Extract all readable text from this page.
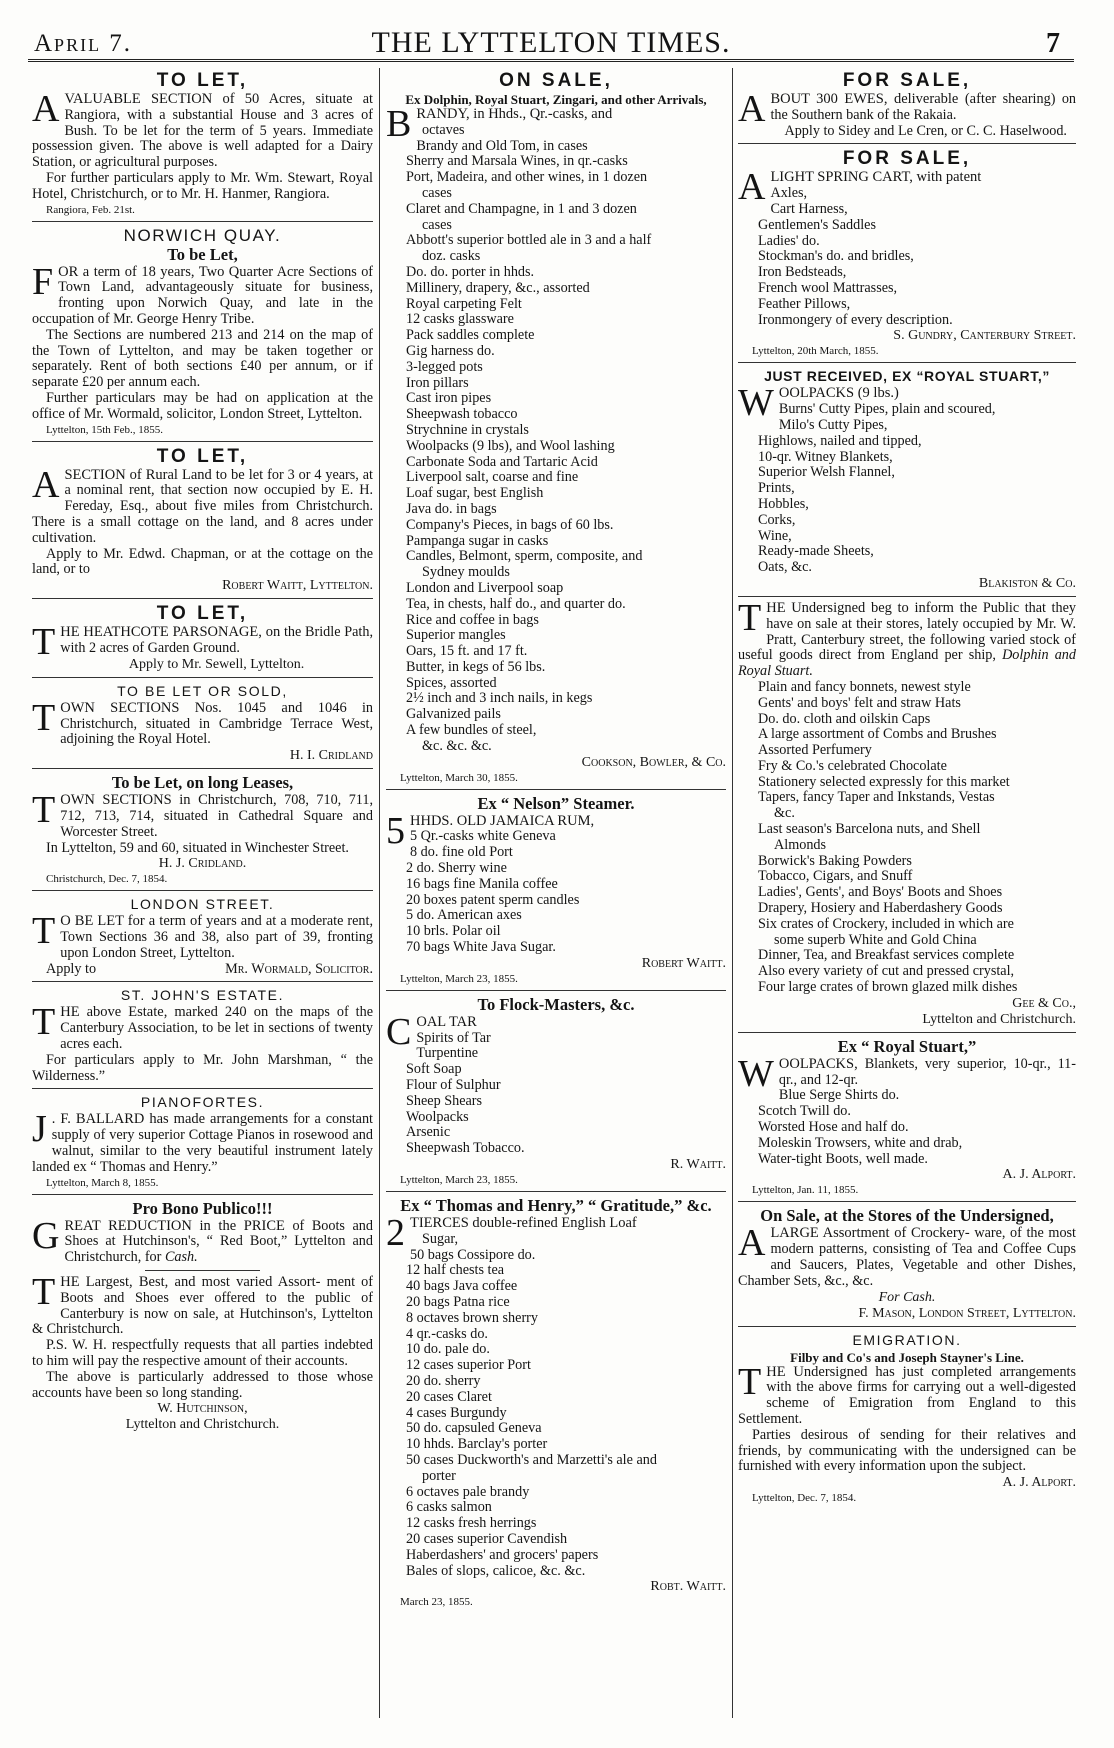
April 7.	THE LYTTELTON TIMES.	7
TO LET,
AVALUABLE SECTION of 50 Acres, situate at Rangiora, with a substantial House and 3 acres of Bush. To be let for the term of 5 years. Immediate possession given. The above is well adapted for a Dairy Station, or agricultural purposes.
For further particulars apply to Mr. Wm. Stewart, Royal Hotel, Christchurch, or to Mr. H. Hanmer, Rangiora.
Rangiora, Feb. 21st.
NORWICH QUAY.
To be Let,
FOR a term of 18 years, Two Quarter Acre Sections of Town Land, advantageously situate for business, fronting upon Norwich Quay, and late in the occupation of Mr. George Henry Tribe.
The Sections are numbered 213 and 214 on the map of the Town of Lyttelton, and may be taken together or separately. Rent of both sections £40 per annum, or if separate £20 per annum each.
Further particulars may be had on application at the office of Mr. Wormald, solicitor, London Street, Lyttelton.
Lyttelton, 15th Feb., 1855.
TO LET,
ASECTION of Rural Land to be let for 3 or 4 years, at a nominal rent, that section now occupied by E. H. Fereday, Esq., about five miles from Christchurch. There is a small cottage on the land, and 8 acres under cultivation.
Apply to Mr. Edwd. Chapman, or at the cottage on the land, or to
Robert Waitt, Lyttelton.
TO LET,
THE HEATHCOTE PARSONAGE, on the Bridle Path, with 2 acres of Garden Ground.
Apply to Mr. Sewell, Lyttelton.
TO BE LET OR SOLD,
TOWN SECTIONS Nos. 1045 and 1046 in Christchurch, situated in Cambridge Terrace West, adjoining the Royal Hotel.
H. I. Cridland
To be Let, on long Leases,
TOWN SECTIONS in Christchurch, 708, 710, 711, 712, 713, 714, situated in Cathedral Square and Worcester Street.
In Lyttelton, 59 and 60, situated in Winchester Street.
H. J. Cridland.
Christchurch, Dec. 7, 1854.
LONDON STREET.
T O BE LET for a term of years and at a moderate rent, Town Sections 36 and 38, also part of 39, fronting upon London Street, Lyttelton.
Apply to	Mr. Wormald, Solicitor.
ST. JOHN'S ESTATE.
THE above Estate, marked 240 on the maps of the Canterbury Association, to be let in sections of twenty acres each.
For particulars apply to Mr. John Marshman, “ the Wilderness.”
PIANOFORTES.
J . F. BALLARD has made arrangements for a constant supply of very superior Cottage Pianos in rosewood and walnut, similar to the very beautiful instrument lately landed ex “ Thomas and Henry.”
Lyttelton, March 8, 1855.
Pro Bono Publico!!!
GREAT REDUCTION in the PRICE of Boots and Shoes at Hutchinson's, “ Red Boot,” Lyttelton and Christchurch, for Cash.
THE Largest, Best, and most varied Assort- ment of Boots and Shoes ever offered to the public of Canterbury is now on sale, at Hutchinson's, Lyttelton & Christchurch.
P.S. W. H. respectfully requests that all parties indebted to him will pay the respective amount of their accounts.
The above is particularly addressed to those whose accounts have been so long standing.
W. Hutchinson,
Lyttelton and Christchurch.
ON SALE,
Ex Dolphin, Royal Stuart, Zingari, and other Arrivals,
BRANDY, in Hhds., Qr.-casks, and
octaves
Brandy and Old Tom, in cases
Sherry and Marsala Wines, in qr.-casks
Port, Madeira, and other wines, in 1 dozen
cases
Claret and Champagne, in 1 and 3 dozen
cases
Abbott's superior bottled ale in 3 and a half
doz. casks
Do. do. porter in hhds.
Millinery, drapery, &c., assorted
Royal carpeting Felt
12 casks glassware
Pack saddles complete
Gig harness do.
3-legged pots
Iron pillars
Cast iron pipes
Sheepwash tobacco
Strychnine in crystals
Woolpacks (9 lbs), and Wool lashing
Carbonate Soda and Tartaric Acid
Liverpool salt, coarse and fine
Loaf sugar, best English
Java do. in bags
Company's Pieces, in bags of 60 lbs.
Pampanga sugar in casks
Candles, Belmont, sperm, composite, and
Sydney moulds
London and Liverpool soap
Tea, in chests, half do., and quarter do.
Rice and coffee in bags
Superior mangles
Oars, 15 ft. and 17 ft.
Butter, in kegs of 56 lbs.
Spices, assorted
2½ inch and 3 inch nails, in kegs
Galvanized pails
A few bundles of steel,
&c. &c. &c.
Cookson, Bowler, & Co.
Lyttelton, March 30, 1855.
Ex “ Nelson” Steamer.
5 HHDS. OLD JAMAICA RUM,
5 Qr.-casks white Geneva
8 do. fine old Port
2 do. Sherry wine
16 bags fine Manila coffee
20 boxes patent sperm candles
5 do. American axes
10 brls. Polar oil
70 bags White Java Sugar.
Robert Waitt.
Lyttelton, March 23, 1855.
To Flock-Masters, &c.
COAL TAR
Spirits of Tar
Turpentine
Soft Soap
Flour of Sulphur
Sheep Shears
Woolpacks
Arsenic
Sheepwash Tobacco.
R. Waitt.
Lyttelton, March 23, 1855.
Ex “ Thomas and Henry,” “ Gratitude,” &c.
2 TIERCES double-refined English Loaf
Sugar,
50 bags Cossipore do.
12 half chests tea
40 bags Java coffee
20 bags Patna rice
8 octaves brown sherry
4 qr.-casks do.
10 do. pale do.
12 cases superior Port
20 do. sherry
20 cases Claret
4 cases Burgundy
50 do. capsuled Geneva
10 hhds. Barclay's porter
50 cases Duckworth's and Marzetti's ale and
porter
6 octaves pale brandy
6 casks salmon
12 casks fresh herrings
20 cases superior Cavendish
Haberdashers' and grocers' papers
Bales of slops, calicoe, &c. &c.
Robt. Waitt.
March 23, 1855.
FOR SALE,
ABOUT 300 EWES, deliverable (after shearing) on the Southern bank of the Rakaia.
Apply to Sidey and Le Cren, or C. C. Haselwood.
FOR SALE,
ALIGHT SPRING CART, with patent
Axles,
Cart Harness,
Gentlemen's Saddles
Ladies' do.
Stockman's do. and bridles,
Iron Bedsteads,
French wool Mattrasses,
Feather Pillows,
Ironmongery of every description.
S. Gundry, Canterbury Street.
Lyttelton, 20th March, 1855.
JUST RECEIVED, EX “ROYAL STUART,”
WOOLPACKS (9 lbs.)
Burns' Cutty Pipes, plain and scoured,
Milo's Cutty Pipes,
Highlows, nailed and tipped,
10-qr. Witney Blankets,
Superior Welsh Flannel,
Prints,
Hobbles,
Corks,
Wine,
Ready-made Sheets,
Oats, &c.
Blakiston & Co.
THE Undersigned beg to inform the Public that they have on sale at their stores, lately occupied by Mr. W. Pratt, Canterbury street, the following varied stock of useful goods direct from England per ship, Dolphin and Royal Stuart.
Plain and fancy bonnets, newest style
Gents' and boys' felt and straw Hats
Do. do. cloth and oilskin Caps
A large assortment of Combs and Brushes
Assorted Perfumery
Fry & Co.'s celebrated Chocolate
Stationery selected expressly for this market
Tapers, fancy Taper and Inkstands, Vestas
&c.
Last season's Barcelona nuts, and Shell
Almonds
Borwick's Baking Powders
Tobacco, Cigars, and Snuff
Ladies', Gents', and Boys' Boots and Shoes
Drapery, Hosiery and Haberdashery Goods
Six crates of Crockery, included in which are
some superb White and Gold China
Dinner, Tea, and Breakfast services complete
Also every variety of cut and pressed crystal,
Four large crates of brown glazed milk dishes
Gee & Co.,
Lyttelton and Christchurch.
Ex “ Royal Stuart,”
WOOLPACKS, Blankets, very superior, 10-qr., 11-qr., and 12-qr.
Blue Serge Shirts do.
Scotch Twill do.
Worsted Hose and half do.
Moleskin Trowsers, white and drab,
Water-tight Boots, well made.
A. J. Alport.
Lyttelton, Jan. 11, 1855.
On Sale, at the Stores of the Undersigned,
ALARGE Assortment of Crockery- ware, of the most modern patterns, consisting of Tea and Coffee Cups and Saucers, Plates, Vegetable and other Dishes, Chamber Sets, &c., &c.
For Cash.
F. Mason, London Street, Lyttelton.
EMIGRATION.
Filby and Co's and Joseph Stayner's Line.
THE Undersigned has just completed arrangements with the above firms for carrying out a well-digested scheme of Emigration from England to this Settlement.
Parties desirous of sending for their relatives and friends, by communicating with the undersigned can be furnished with every information upon the subject.
A. J. Alport.
Lyttelton, Dec. 7, 1854.
